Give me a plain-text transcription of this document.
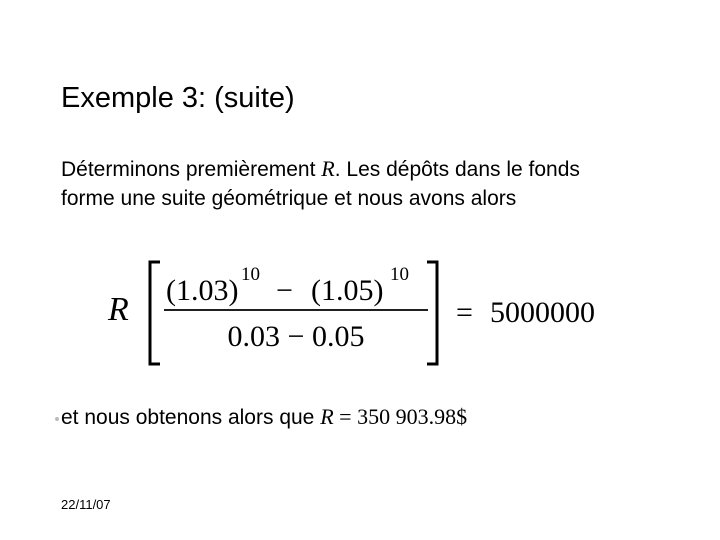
Exemple 3: (suite)
Déterminons premièrement R. Les dépôts dans le fonds forme une suite géométrique et nous avons alors
R
(1.03) 10 − (1.05) 10
0.03 − 0.05
= 5000000
et nous obtenons alors que R = 350 903.98$
22/11/07
